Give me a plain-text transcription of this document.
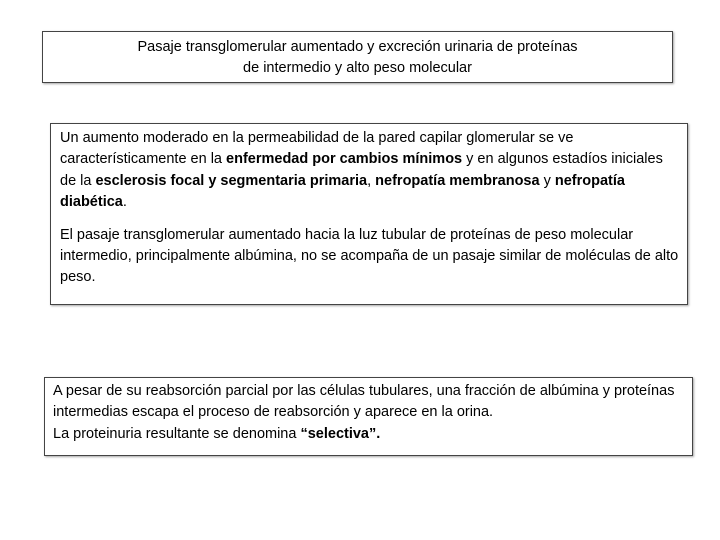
Pasaje transglomerular aumentado y excreción urinaria de proteínas
de intermedio y alto peso molecular

Un aumento moderado en la permeabilidad de la pared capilar glomerular se ve característicamente en la enfermedad por cambios mínimos y en algunos estadíos iniciales de la esclerosis focal y segmentaria primaria, nefropatía membranosa y nefropatía diabética.

El pasaje transglomerular aumentado hacia la luz tubular de proteínas de peso molecular intermedio, principalmente albúmina, no se acompaña de un pasaje similar de moléculas de alto peso.

A pesar de su reabsorción parcial por las células tubulares, una fracción de albúmina y proteínas intermedias escapa el proceso de reabsorción y aparece en la orina.
La proteinuria resultante se denomina “selectiva”.
